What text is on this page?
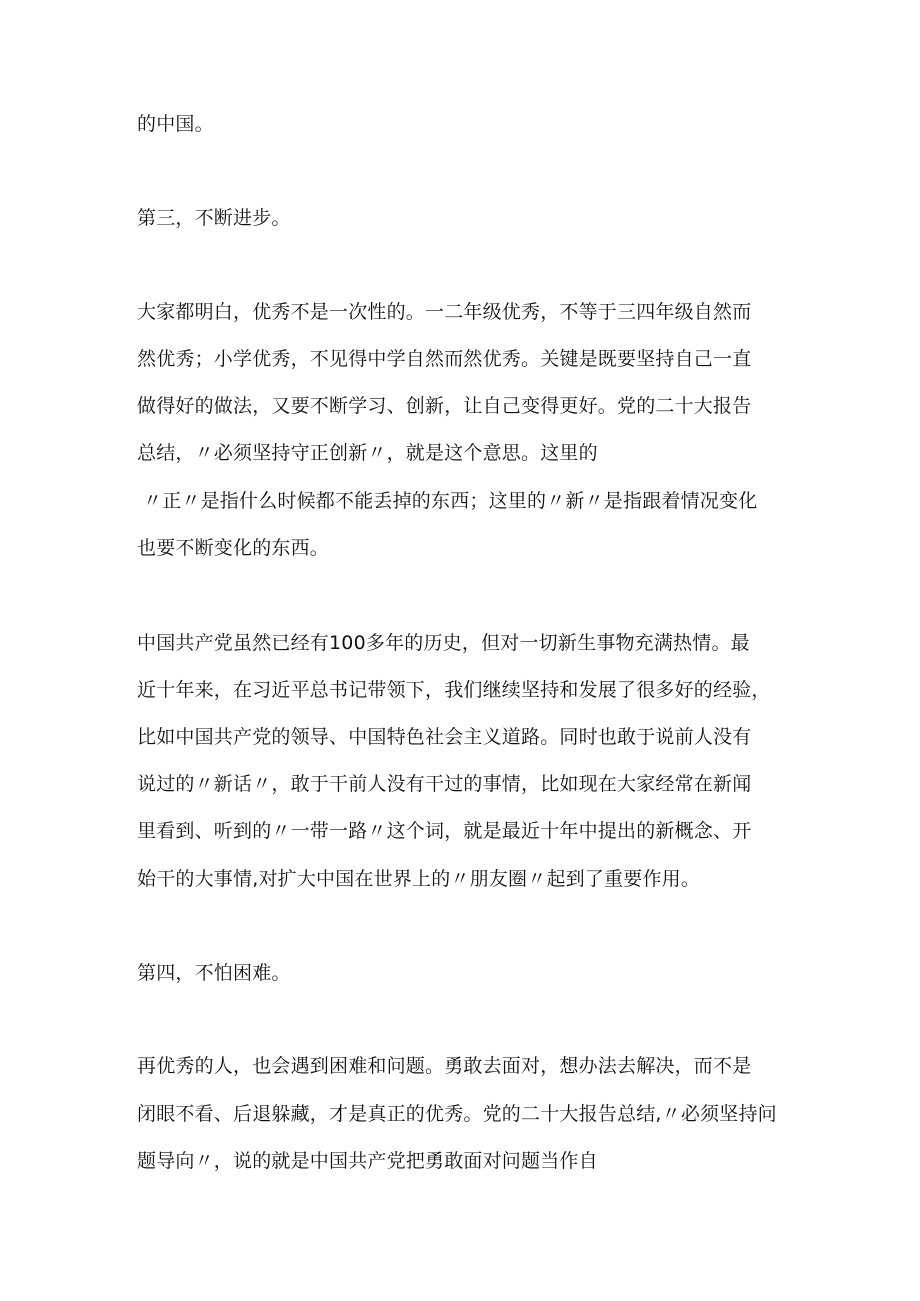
的中国。
第三，不断进步。
大家都明白，优秀不是一次性的。一二年级优秀，不等于三四年级自然而
然优秀；小学优秀，不见得中学自然而然优秀。关键是既要坚持自己一直
做得好的做法，又要不断学习、创新，让自己变得更好。党的二十大报告
总结，〃必须坚持守正创新〃，就是这个意思。这里的
〃正〃是指什么时候都不能丢掉的东西；这里的〃新〃是指跟着情况变化
也要不断变化的东西。
中国共产党虽然已经有100多年的历史，但对一切新生事物充满热情。最
近十年来，在习近平总书记带领下，我们继续坚持和发展了很多好的经验，
比如中国共产党的领导、中国特色社会主义道路。同时也敢于说前人没有
说过的〃新话〃，敢于干前人没有干过的事情，比如现在大家经常在新闻
里看到、听到的〃一带一路〃这个词，就是最近十年中提出的新概念、开
始干的大事情,对扩大中国在世界上的〃朋友圈〃起到了重要作用。
第四，不怕困难。
再优秀的人，也会遇到困难和问题。勇敢去面对，想办法去解决，而不是
闭眼不看、后退躲藏，才是真正的优秀。党的二十大报告总结,〃必须坚持问
题导向〃，说的就是中国共产党把勇敢面对问题当作自
